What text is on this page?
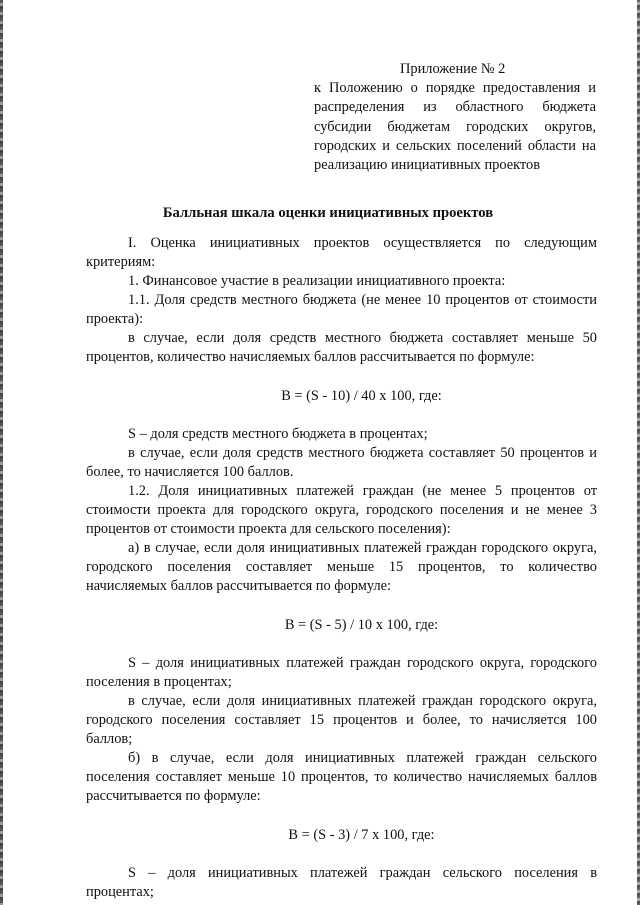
Приложение № 2
к Положению о порядке предоставления и распределения из областного бюджета субсидии бюджетам городских округов, городских и сельских поселений области на реализацию инициативных проектов
Балльная шкала оценки инициативных проектов

I. Оценка инициативных проектов осуществляется по следующим критериям:

1. Финансовое участие в реализации инициативного проекта:

1.1. Доля средств местного бюджета (не менее 10 процентов от стоимости проекта):

в случае, если доля средств местного бюджета составляет меньше 50 процентов, количество начисляемых баллов рассчитывается по формуле:

B = (S - 10) / 40 x 100, где:

S – доля средств местного бюджета в процентах;

в случае, если доля средств местного бюджета составляет 50 процентов и более, то начисляется 100 баллов.

1.2. Доля инициативных платежей граждан (не менее 5 процентов от стоимости проекта для городского округа, городского поселения и не менее 3 процентов от стоимости проекта для сельского поселения):

а) в случае, если доля инициативных платежей граждан городского округа, городского поселения составляет меньше 15 процентов, то количество начисляемых баллов рассчитывается по формуле:

B = (S - 5) / 10 x 100, где:

S – доля инициативных платежей граждан городского округа, городского поселения в процентах;

в случае, если доля инициативных платежей граждан городского округа, городского поселения составляет 15 процентов и более, то начисляется 100 баллов;

б) в случае, если доля инициативных платежей граждан сельского поселения составляет меньше 10 процентов, то количество начисляемых баллов рассчитывается по формуле:

B = (S - 3) / 7 x 100, где:

S – доля инициативных платежей граждан сельского поселения в процентах;
